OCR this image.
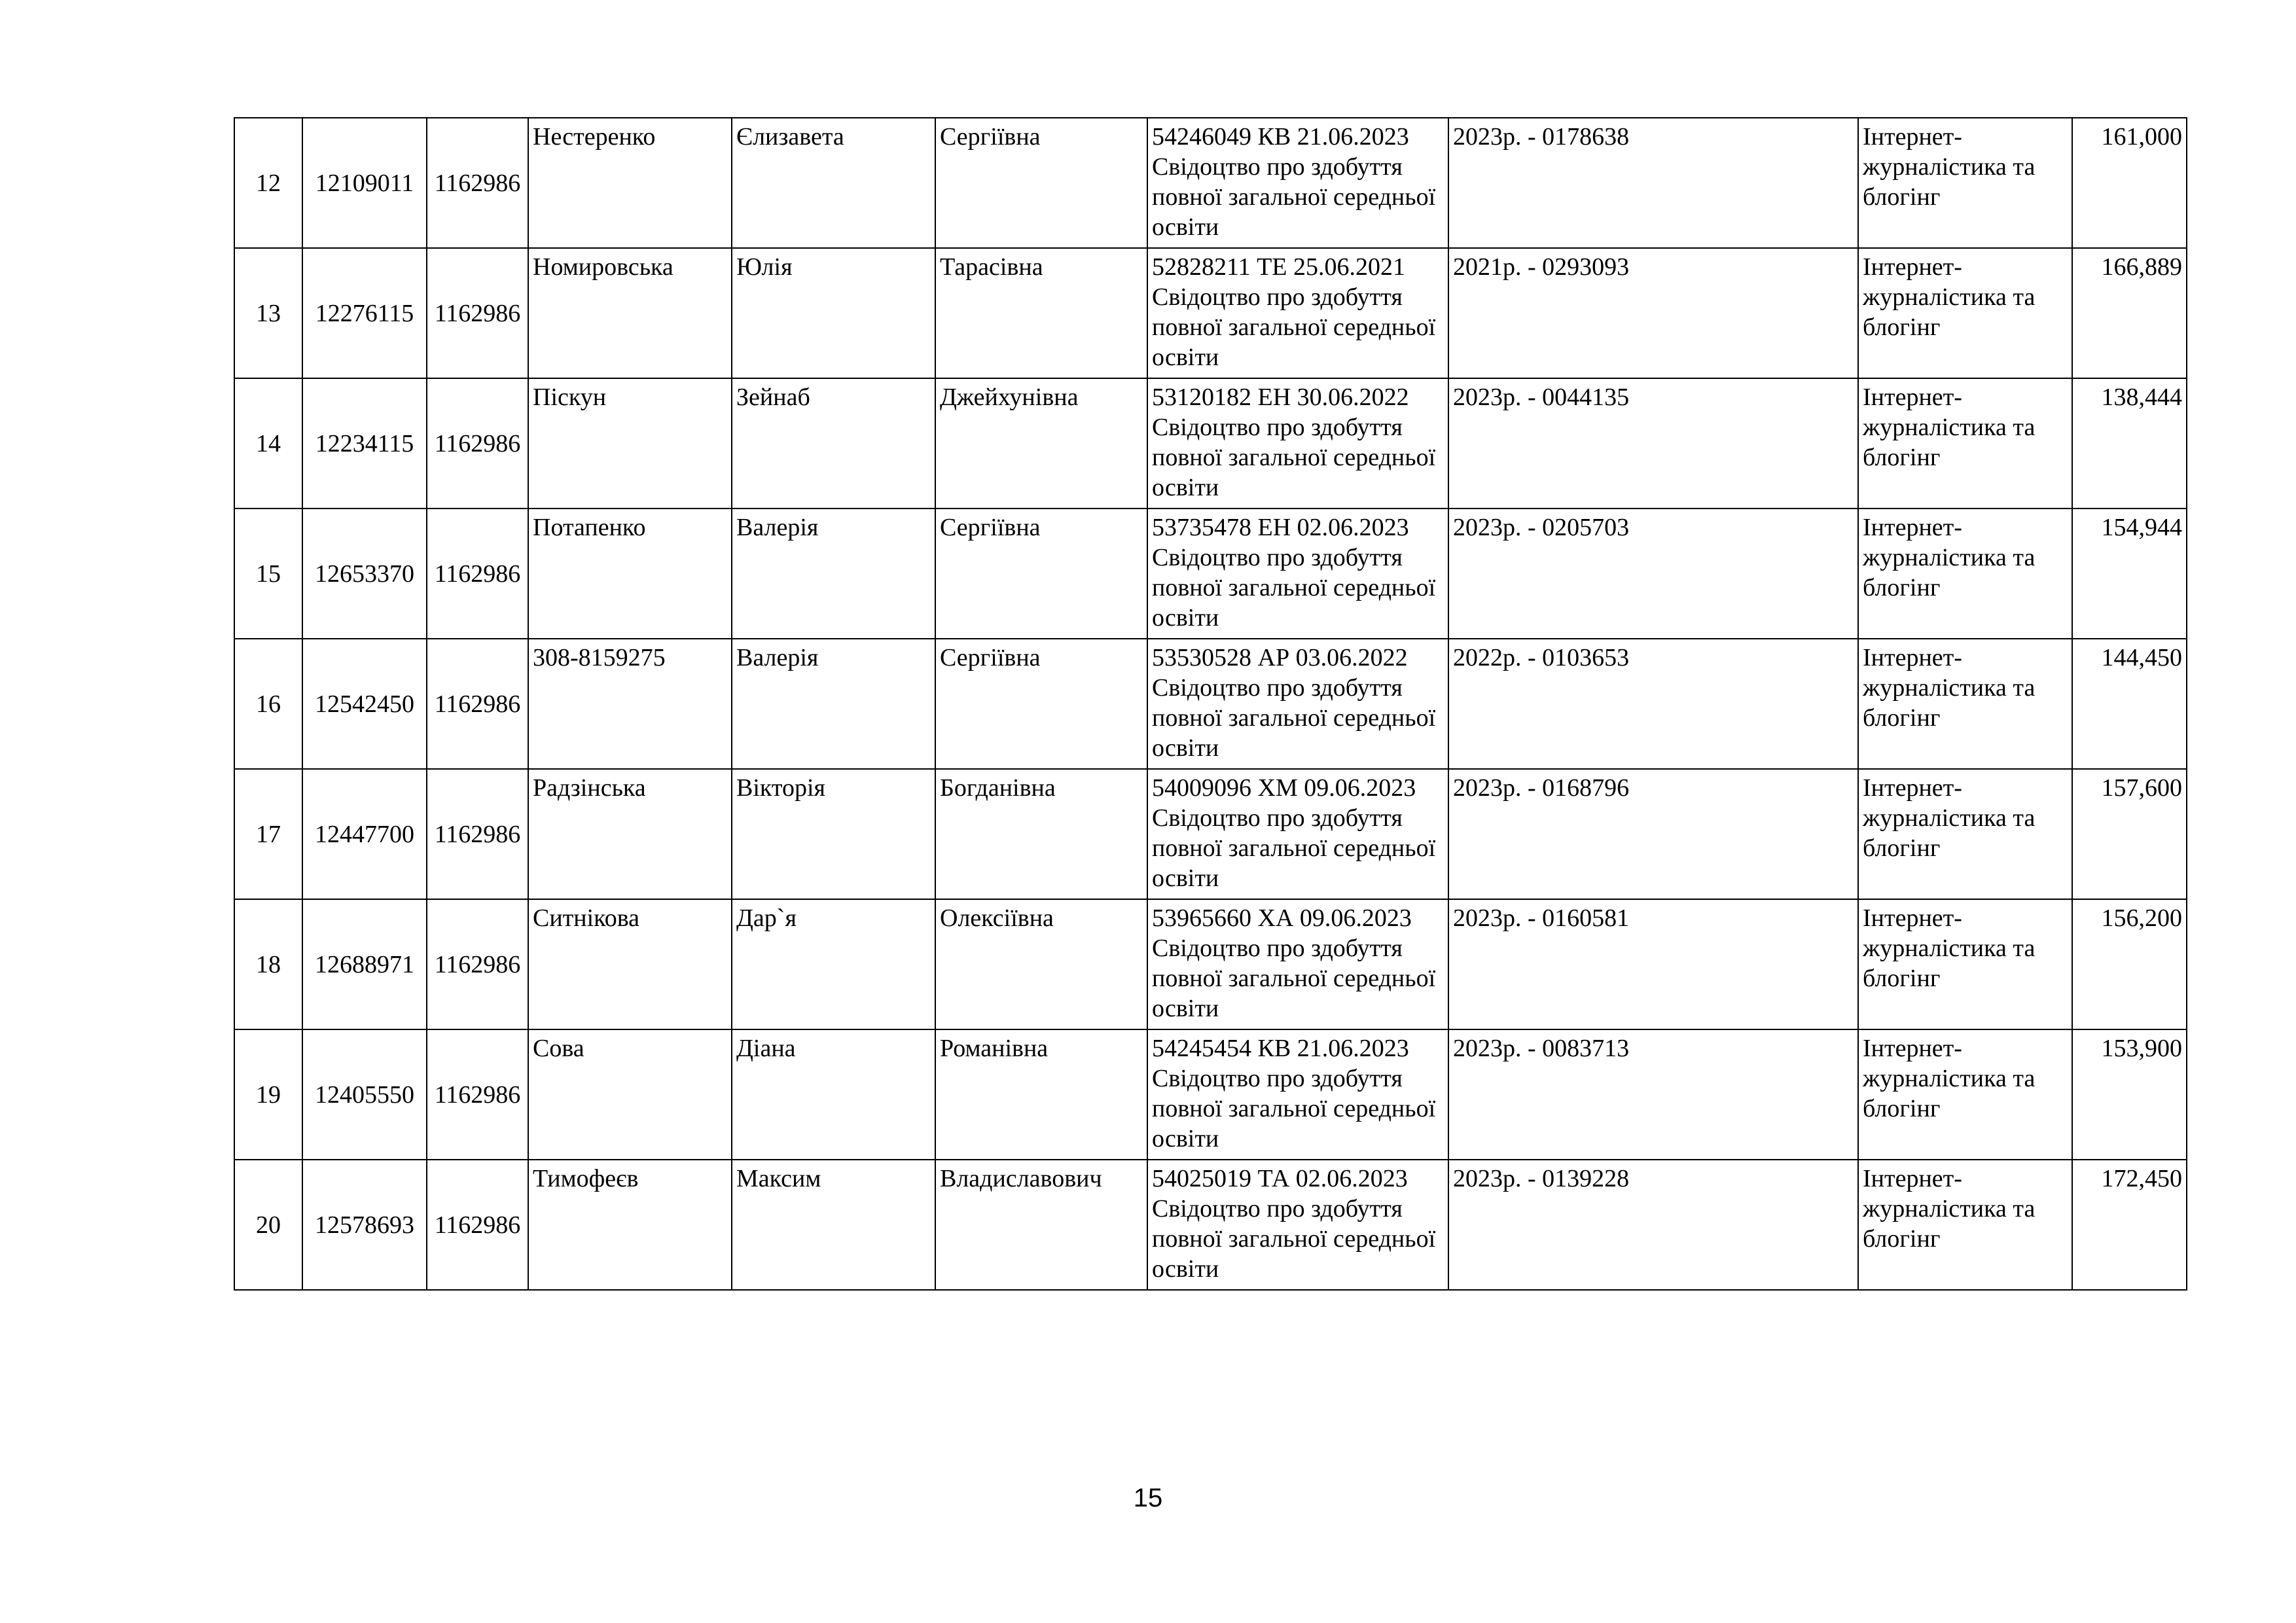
12	12109011	1162986	Нестеренко	Єлизавета	Сергіївна	54246049 КВ 21.06.2023 Свідоцтво про здобуття повної загальної середньої освіти	2023р. - 0178638	Інтернет-журналістика та блогінг	161,000

13	12276115	1162986	Номировська	Юлія	Тарасівна	52828211 ТЕ 25.06.2021 Свідоцтво про здобуття повної загальної середньої освіти	2021р. - 0293093	Інтернет-журналістика та блогінг	166,889

14	12234115	1162986	Піскун	Зейнаб	Джейхунівна	53120182 ЕН 30.06.2022 Свідоцтво про здобуття повної загальної середньої освіти	2023р. - 0044135	Інтернет-журналістика та блогінг	138,444

15	12653370	1162986	Потапенко	Валерія	Сергіївна	53735478 ЕН 02.06.2023 Свідоцтво про здобуття повної загальної середньої освіти	2023р. - 0205703	Інтернет-журналістика та блогінг	154,944

16	12542450	1162986	308-8159275	Валерія	Сергіївна	53530528 АР 03.06.2022 Свідоцтво про здобуття повної загальної середньої освіти	2022р. - 0103653	Інтернет-журналістика та блогінг	144,450

17	12447700	1162986	Радзінська	Вікторія	Богданівна	54009096 ХМ 09.06.2023 Свідоцтво про здобуття повної загальної середньої освіти	2023р. - 0168796	Інтернет-журналістика та блогінг	157,600

18	12688971	1162986	Ситнікова	Дар`я	Олексіївна	53965660 ХА 09.06.2023 Свідоцтво про здобуття повної загальної середньої освіти	2023р. - 0160581	Інтернет-журналістика та блогінг	156,200

19	12405550	1162986	Сова	Діана	Романівна	54245454 КВ 21.06.2023 Свідоцтво про здобуття повної загальної середньої освіти	2023р. - 0083713	Інтернет-журналістика та блогінг	153,900

20	12578693	1162986	Тимофеєв	Максим	Владиславович	54025019 ТА 02.06.2023 Свідоцтво про здобуття повної загальної середньої освіти	2023р. - 0139228	Інтернет-журналістика та блогінг	172,450
15
